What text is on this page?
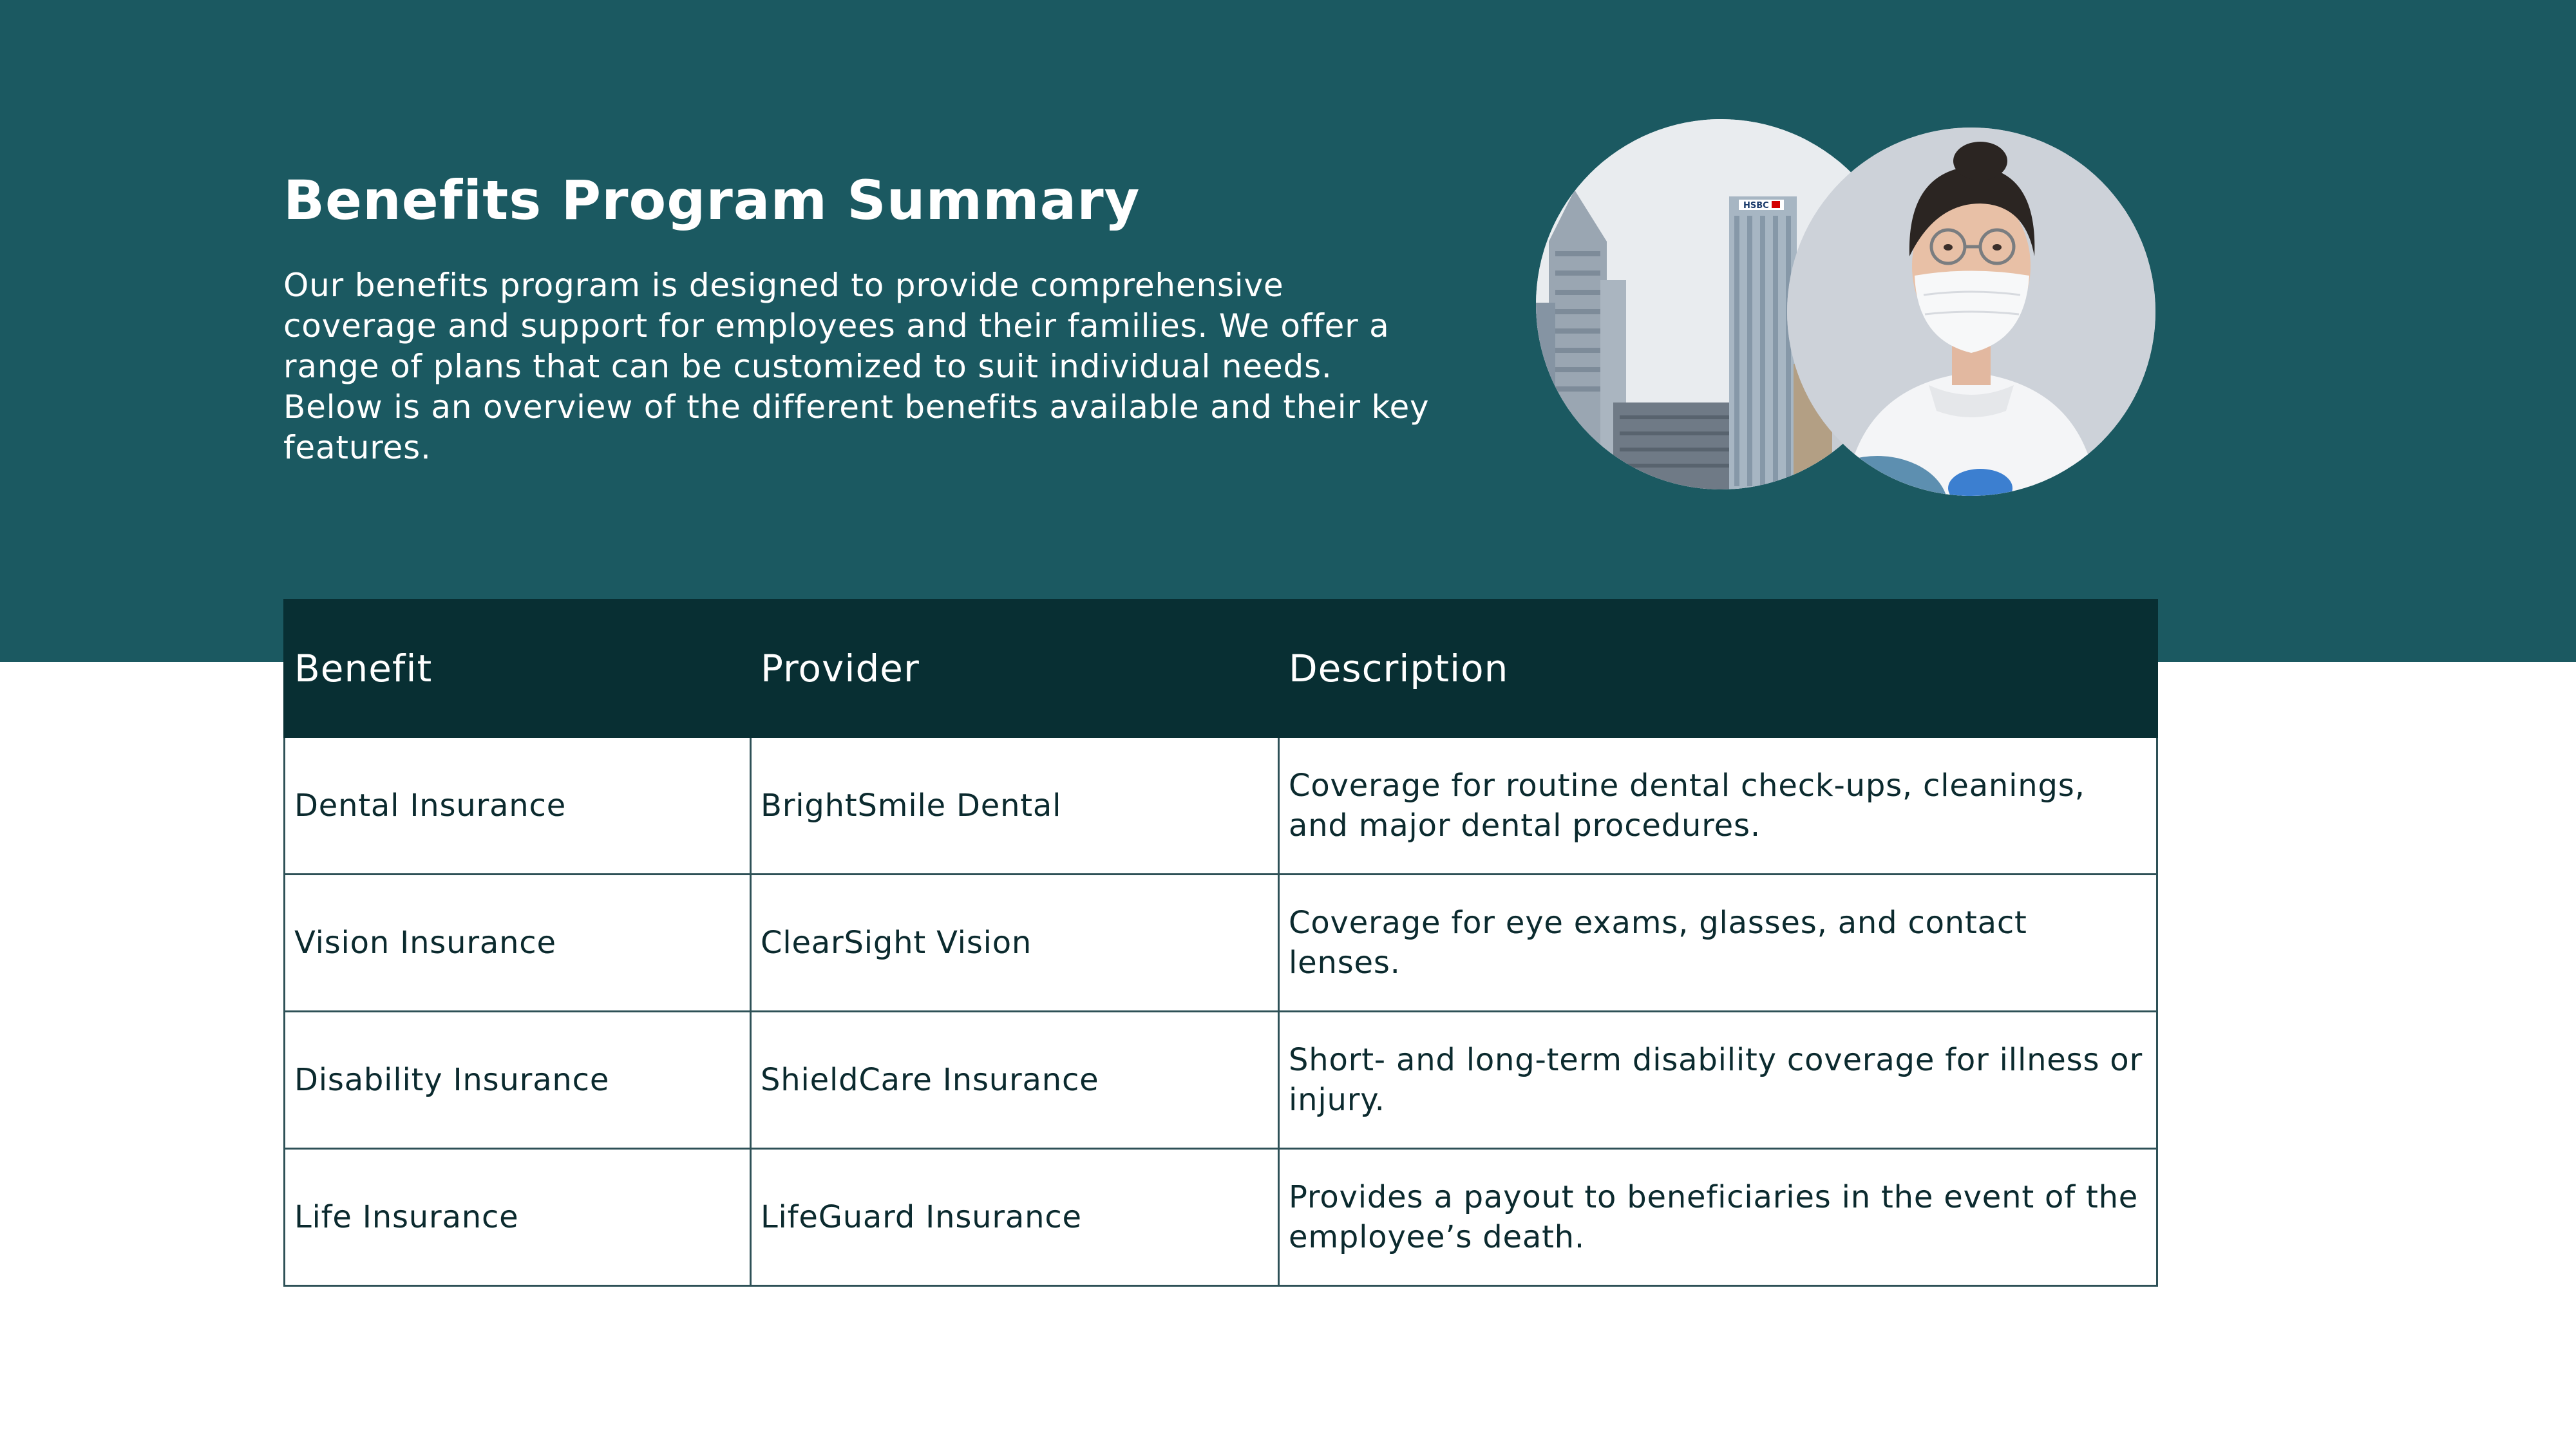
Benefits Program Summary

Our benefits program is designed to provide comprehensive coverage and support for employees and their families. We offer a range of plans that can be customized to suit individual needs. Below is an overview of the different benefits available and their key features.

HSBC
Benefit	Provider	Description
Dental Insurance	BrightSmile Dental	Coverage for routine dental check-ups, cleanings, and major dental procedures.
Vision Insurance	ClearSight Vision	Coverage for eye exams, glasses, and contact lenses.
Disability Insurance	ShieldCare Insurance	Short- and long-term disability coverage for illness or injury.
Life Insurance	LifeGuard Insurance	Provides a payout to beneficiaries in the event of the employee’s death.
